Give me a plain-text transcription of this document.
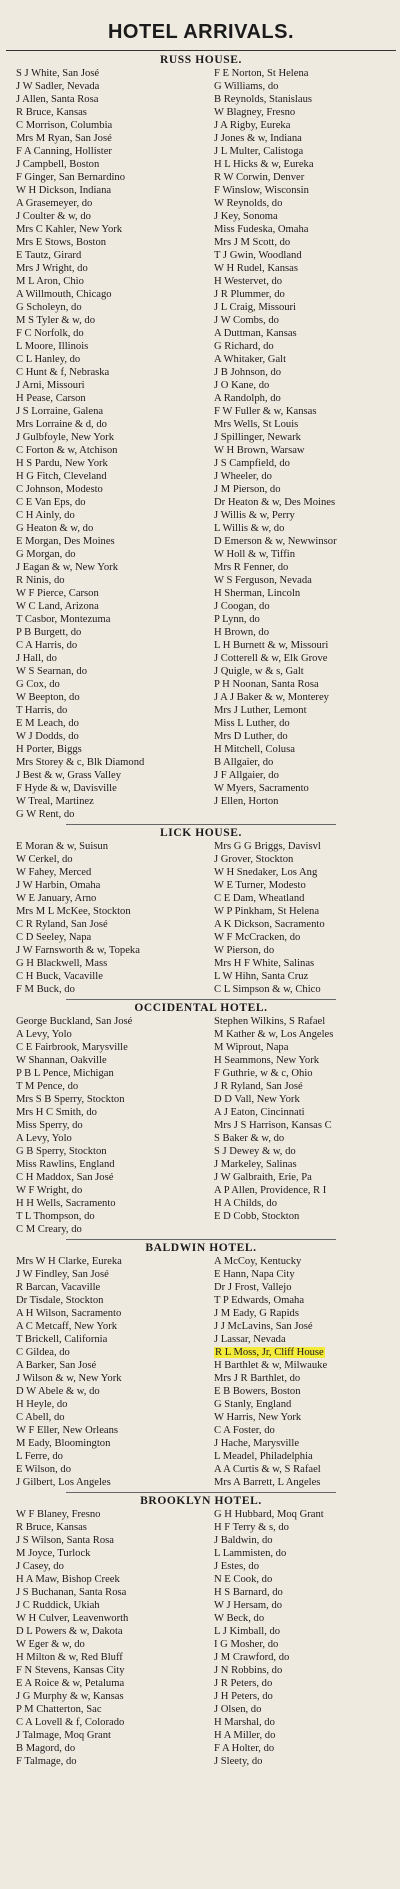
HOTEL ARRIVALS.
RUSS HOUSE.
S J White, San José	F E Norton, St Helena
J W Sadler, Nevada	G Williams, do
J Allen, Santa Rosa	B Reynolds, Stanislaus
R Bruce, Kansas	W Blagney, Fresno
C Morrison, Columbia	J A Rigby, Eureka
Mrs M Ryan, San José	J Jones & w, Indiana
F A Canning, Hollister	J L Multer, Calistoga
J Campbell, Boston	H L Hicks & w, Eureka
F Ginger, San Bernardino	R W Corwin, Denver
W H Dickson, Indiana	F Winslow, Wisconsin
A Grasemeyer, do	W Reynolds, do
J Coulter & w, do	J Key, Sonoma
Mrs C Kahler, New York	Miss Fudeska, Omaha
Mrs E Stows, Boston	Mrs J M Scott, do
E Tautz, Girard	T J Gwin, Woodland
Mrs J Wright, do	W H Rudel, Kansas
M L Aron, Chio	H Westervet, do
A Willmouth, Chicago	J R Plummer, do
G Scholeyn, do	J L Craig, Missouri
M S Tyler & w, do	J W Combs, do
F C Norfolk, do	A Duttman, Kansas
L Moore, Illinois	G Richard, do
C L Hanley, do	A Whitaker, Galt
C Hunt & f, Nebraska	J B Johnson, do
J Arni, Missouri	J O Kane, do
H Pease, Carson	A Randolph, do
J S Lorraine, Galena	F W Fuller & w, Kansas
Mrs Lorraine & d, do	Mrs Wells, St Louis
J Gulbfoyle, New York	J Spillinger, Newark
C Forton & w, Atchison	W H Brown, Warsaw
H S Pardu, New York	J S Campfield, do
H G Fitch, Cleveland	J Wheeler, do
C Johnson, Modesto	J M Pierson, do
C E Van Eps, do	Dr Heaton & w, Des Moines
C H Ainly, do	J Willis & w, Perry
G Heaton & w, do	L Willis & w, do
E Morgan, Des Moines	D Emerson & w, Newwinsor
G Morgan, do	W Holl & w, Tiffin
J Eagan & w, New York	Mrs R Fenner, do
R Ninis, do	W S Ferguson, Nevada
W F Pierce, Carson	H Sherman, Lincoln
W C Land, Arizona	J Coogan, do
T Casbor, Montezuma	P Lynn, do
P B Burgett, do	H Brown, do
C A Harris, do	L H Burnett & w, Missouri
J Hall, do	J Cotterell & w, Elk Grove
W S Searnan, do	J Quigle, w & s, Galt
G Cox, do	P H Noonan, Santa Rosa
W Beepton, do	J A J Baker & w, Monterey
T Harris, do	Mrs J Luther, Lemont
E M Leach, do	Miss L Luther, do
W J Dodds, do	Mrs D Luther, do
H Porter, Biggs	H Mitchell, Colusa
Mrs Storey & c, Blk Diamond	B Allgaier, do
J Best & w, Grass Valley	J F Allgaier, do
F Hyde & w, Davisville	W Myers, Sacramento
W Treal, Martinez	J Ellen, Horton
G W Rent, do
LICK HOUSE.
E Moran & w, Suisun	Mrs G G Briggs, Davisvl
W Cerkel, do	J Grover, Stockton
W Fahey, Merced	W H Snedaker, Los Ang
J W Harbin, Omaha	W E Turner, Modesto
W E January, Arno	C E Dam, Wheatland
Mrs M L McKee, Stockton	W P Pinkham, St Helena
C R Ryland, San José	A K Dickson, Sacramento
C D Seeley, Napa	W F McCracken, do
J W Farnsworth & w, Topeka	W Pierson, do
G H Blackwell, Mass	Mrs H F White, Salinas
C H Buck, Vacaville	L W Hihn, Santa Cruz
F M Buck, do	C L Simpson & w, Chico
OCCIDENTAL HOTEL.
George Buckland, San José	Stephen Wilkins, S Rafael
A Levy, Yolo	M Kather & w, Los Angeles
C E Fairbrook, Marysville	M Wiprout, Napa
W Shannan, Oakville	H Seammons, New York
P B L Pence, Michigan	F Guthrie, w & c, Ohio
T M Pence, do	J R Ryland, San José
Mrs S B Sperry, Stockton	D D Vall, New York
Mrs H C Smith, do	A J Eaton, Cincinnati
Miss Sperry, do	Mrs J S Harrison, Kansas C
A Levy, Yolo	S Baker & w, do
G B Sperry, Stockton	S J Dewey & w, do
Miss Rawlins, England	J Markeley, Salinas
C H Maddox, San José	J W Galbraith, Erie, Pa
W F Wright, do	A P Allen, Providence, R I
H H Wells, Sacramento	H A Childs, do
T L Thompson, do	E D Cobb, Stockton
C M Creary, do
BALDWIN HOTEL.
Mrs W H Clarke, Eureka	A McCoy, Kentucky
J W Findley, San José	E Hann, Napa City
R Barcan, Vacaville	Dr J Frost, Vallejo
Dr Tisdale, Stockton	T P Edwards, Omaha
A H Wilson, Sacramento	J M Eady, G Rapids
A C Metcaff, New York	J J McLavins, San José
T Brickell, California	J Lassar, Nevada
C Gildea, do	R L Moss, Jr, Cliff House
A Barker, San José	H Barthlet & w, Milwauke
J Wilson & w, New York	Mrs J R Barthlet, do
D W Abele & w, do	E B Bowers, Boston
H Heyle, do	G Stanly, England
C Abell, do	W Harris, New York
W F Eller, New Orleans	C A Foster, do
M Eady, Bloomington	J Hache, Marysville
L Ferre, do	L Meadel, Philadelphia
E Wilson, do	A A Curtis & w, S Rafael
J Gilbert, Los Angeles	Mrs A Barrett, L Angeles
BROOKLYN HOTEL.
W F Blaney, Fresno	G H Hubbard, Moq Grant
R Bruce, Kansas	H F Terry & s, do
J S Wilson, Santa Rosa	J Baldwin, do
M Joyce, Turlock	L Lammisten, do
J Casey, do	J Estes, do
H A Maw, Bishop Creek	N E Cook, do
J S Buchanan, Santa Rosa	H S Barnard, do
J C Ruddick, Ukiah	W J Hersam, do
W H Culver, Leavenworth	W Beck, do
D L Powers & w, Dakota	L J Kimball, do
W Eger & w, do	I G Mosher, do
H Milton & w, Red Bluff	J M Crawford, do
F N Stevens, Kansas City	J N Robbins, do
E A Roice & w, Petaluma	J R Peters, do
J G Murphy & w, Kansas	J H Peters, do
P M Chatterton, Sac	J Olsen, do
C A Lovell & f, Colorado	H Marshal, do
J Talmage, Moq Grant	H A Miller, do
B Magord, do	F A Holter, do
F Talmage, do	J Sleety, do
